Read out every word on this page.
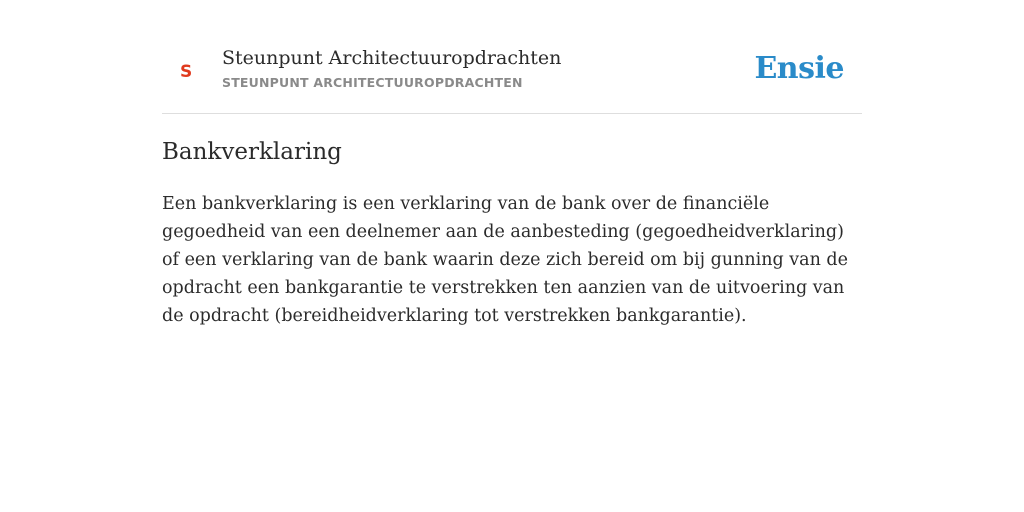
S
Steunpunt Architectuuropdrachten
STEUNPUNT ARCHITECTUUROPDRACHTEN	Ensie
Bankverklaring

Een bankverklaring is een verklaring van de bank over de financiële gegoedheid van een deelnemer aan de aanbesteding (gegoedheidverklaring) of een verklaring van de bank waarin deze zich bereid om bij gunning van de opdracht een bankgarantie te verstrekken ten aanzien van de uitvoering van de opdracht (bereidheidverklaring tot verstrekken bankgarantie).
